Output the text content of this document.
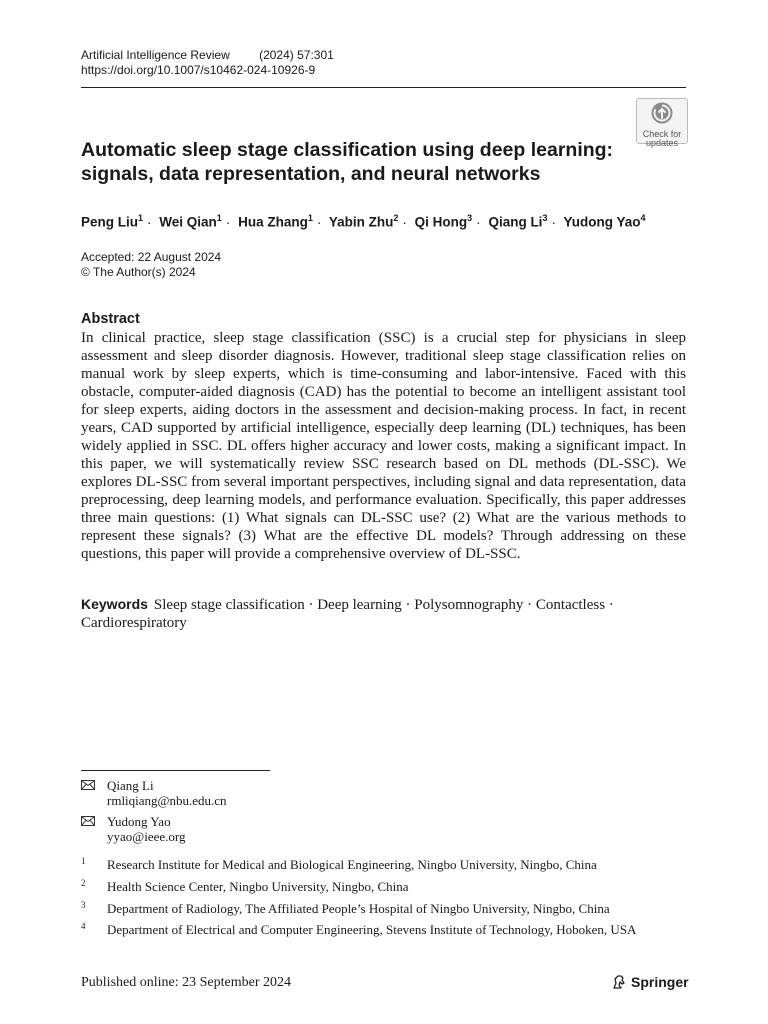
Artificial Intelligence Review (2024) 57:301
https://doi.org/10.1007/s10462-024-10926-9
Check for
updates
Automatic sleep stage classification using deep learning:
signals, data representation, and neural networks
Peng Liu$^1$ · Wei Qian$^1$ · Hua Zhang$^1$ · Yabin Zhu$^2$ · Qi Hong$^3$ · Qiang $Li^3$ · Yudong Yao$^4$
Accepted: 22 August 2024
© The Author(s) 2024
Abstract

In clinical practice, sleep stage classification (SSC) is a crucial step for physicians in sleep assessment and sleep disorder diagnosis. However, traditional sleep stage classification relies on manual work by sleep experts, which is time-consuming and labor-intensive. Faced with this obstacle, computer-aided diagnosis (CAD) has the potential to become an intelligent assistant tool for sleep experts, aiding doctors in the assessment and decision-making process. In fact, in recent years, CAD supported by artificial intelligence, especially deep learning (DL) techniques, has been widely applied in SSC. DL offers higher accuracy and lower costs, making a significant impact. In this paper, we will systematically review SSC research based on DL methods (DL-SSC). We explores DL-SSC from several important perspectives, including signal and data representation, data preprocessing, deep learning models, and performance evaluation. Specifically, this paper addresses three main questions: (1) What signals can DL-SSC use? (2) What are the various methods to represent these signals? (3) What are the effective DL models? Through addressing on these questions, this paper will provide a comprehensive overview of DL-SSC.

Keywords Sleep stage classification · Deep learning · Polysomnography · Contactless · Cardiorespiratory
Qiang Li
rmliqiang@nbu.edu.cn
Yudong Yao
yyao@ieee.org
1 Research Institute for Medical and Biological Engineering, Ningbo University, Ningbo, China
2 Health Science Center, Ningbo University, Ningbo, China
3 Department of Radiology, The Affiliated People’s Hospital of Ningbo University, Ningbo, China
4 Department of Electrical and Computer Engineering, Stevens Institute of Technology, Hoboken, USA
Published online: 23 September 2024	Springer
